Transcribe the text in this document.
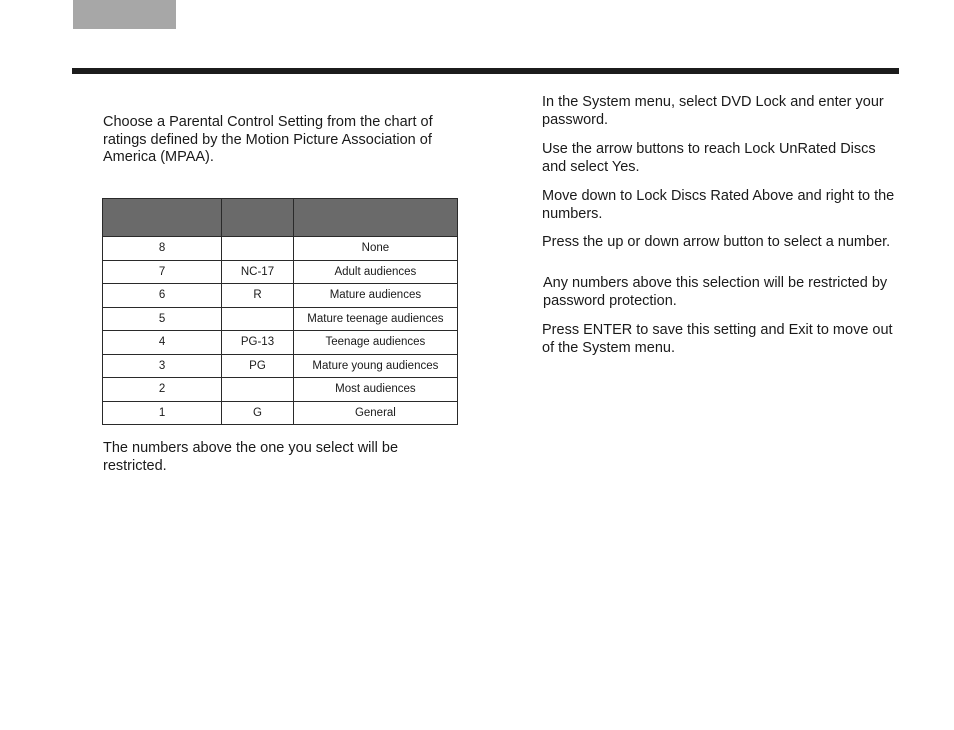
Choose a Parental Control Setting from the chart of ratings defined by the Motion Picture Association of America (MPAA).

8		None
7	NC-17	Adult audiences
6	R	Mature audiences
5		Mature teenage audiences
4	PG-13	Teenage audiences
3	PG	Mature young audiences
2		Most audiences
1	G	General

The numbers above the one you select will be restricted.

In the System menu, select DVD Lock and enter your password.

Use the arrow buttons to reach Lock UnRated Discs and select Yes.

Move down to Lock Discs Rated Above and right to the numbers.

Press the up or down arrow button to select a number.

Any numbers above this selection will be restricted by password protection.

Press ENTER to save this setting and Exit to move out of the System menu.
